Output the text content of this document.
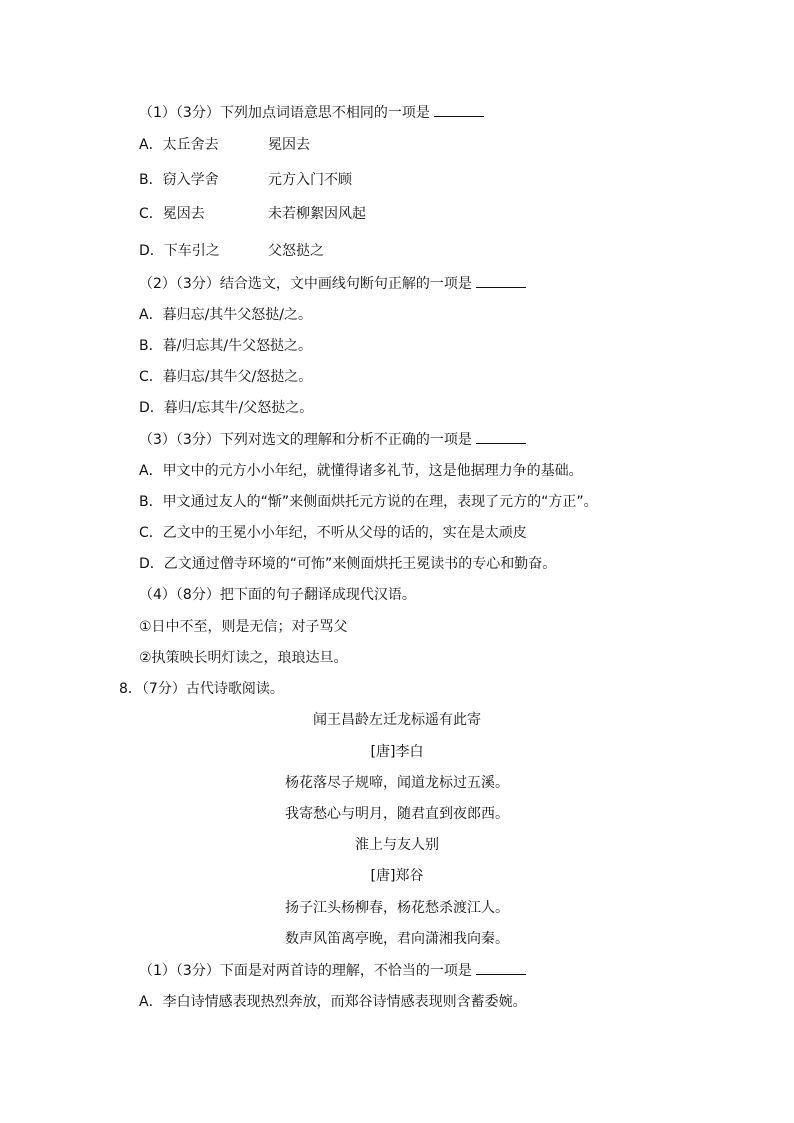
（1）（3分）下列加点词语意思不相同的一项是
A．太丘舍去	冕因去
B．窃入学舍	元方入门不顾
C．冕因去	未若柳絮因风起
D．下车引之	父怒挞之
（2）（3分）结合选文，文中画线句断句正解的一项是
A．暮归忘/其牛父怒挞/之。
B．暮/归忘其/牛父怒挞之。
C．暮归忘/其牛父/怒挞之。
D．暮归/忘其牛/父怒挞之。
（3）（3分）下列对选文的理解和分析不正确的一项是
A．甲文中的元方小小年纪，就懂得诸多礼节，这是他据理力争的基础。
B．甲文通过友人的“惭”来侧面烘托元方说的在理，表现了元方的“方正”。
C．乙文中的王冕小小年纪，不听从父母的话的，实在是太顽皮
D．乙文通过僧寺环境的“可怖”来侧面烘托王冕读书的专心和勤奋。
（4）（8分）把下面的句子翻译成现代汉语。
①日中不至，则是无信；对子骂父
②执策映长明灯读之，琅琅达旦。
8．（7分）古代诗歌阅读。
闻王昌龄左迁龙标遥有此寄
[唐]李白
杨花落尽子规啼，闻道龙标过五溪。
我寄愁心与明月，随君直到夜郎西。
淮上与友人别
[唐]郑谷
扬子江头杨柳春，杨花愁杀渡江人。
数声风笛离亭晚，君向潇湘我向秦。
（1）（3分）下面是对两首诗的理解，不恰当的一项是
A．李白诗情感表现热烈奔放，而郑谷诗情感表现则含蓄委婉。
